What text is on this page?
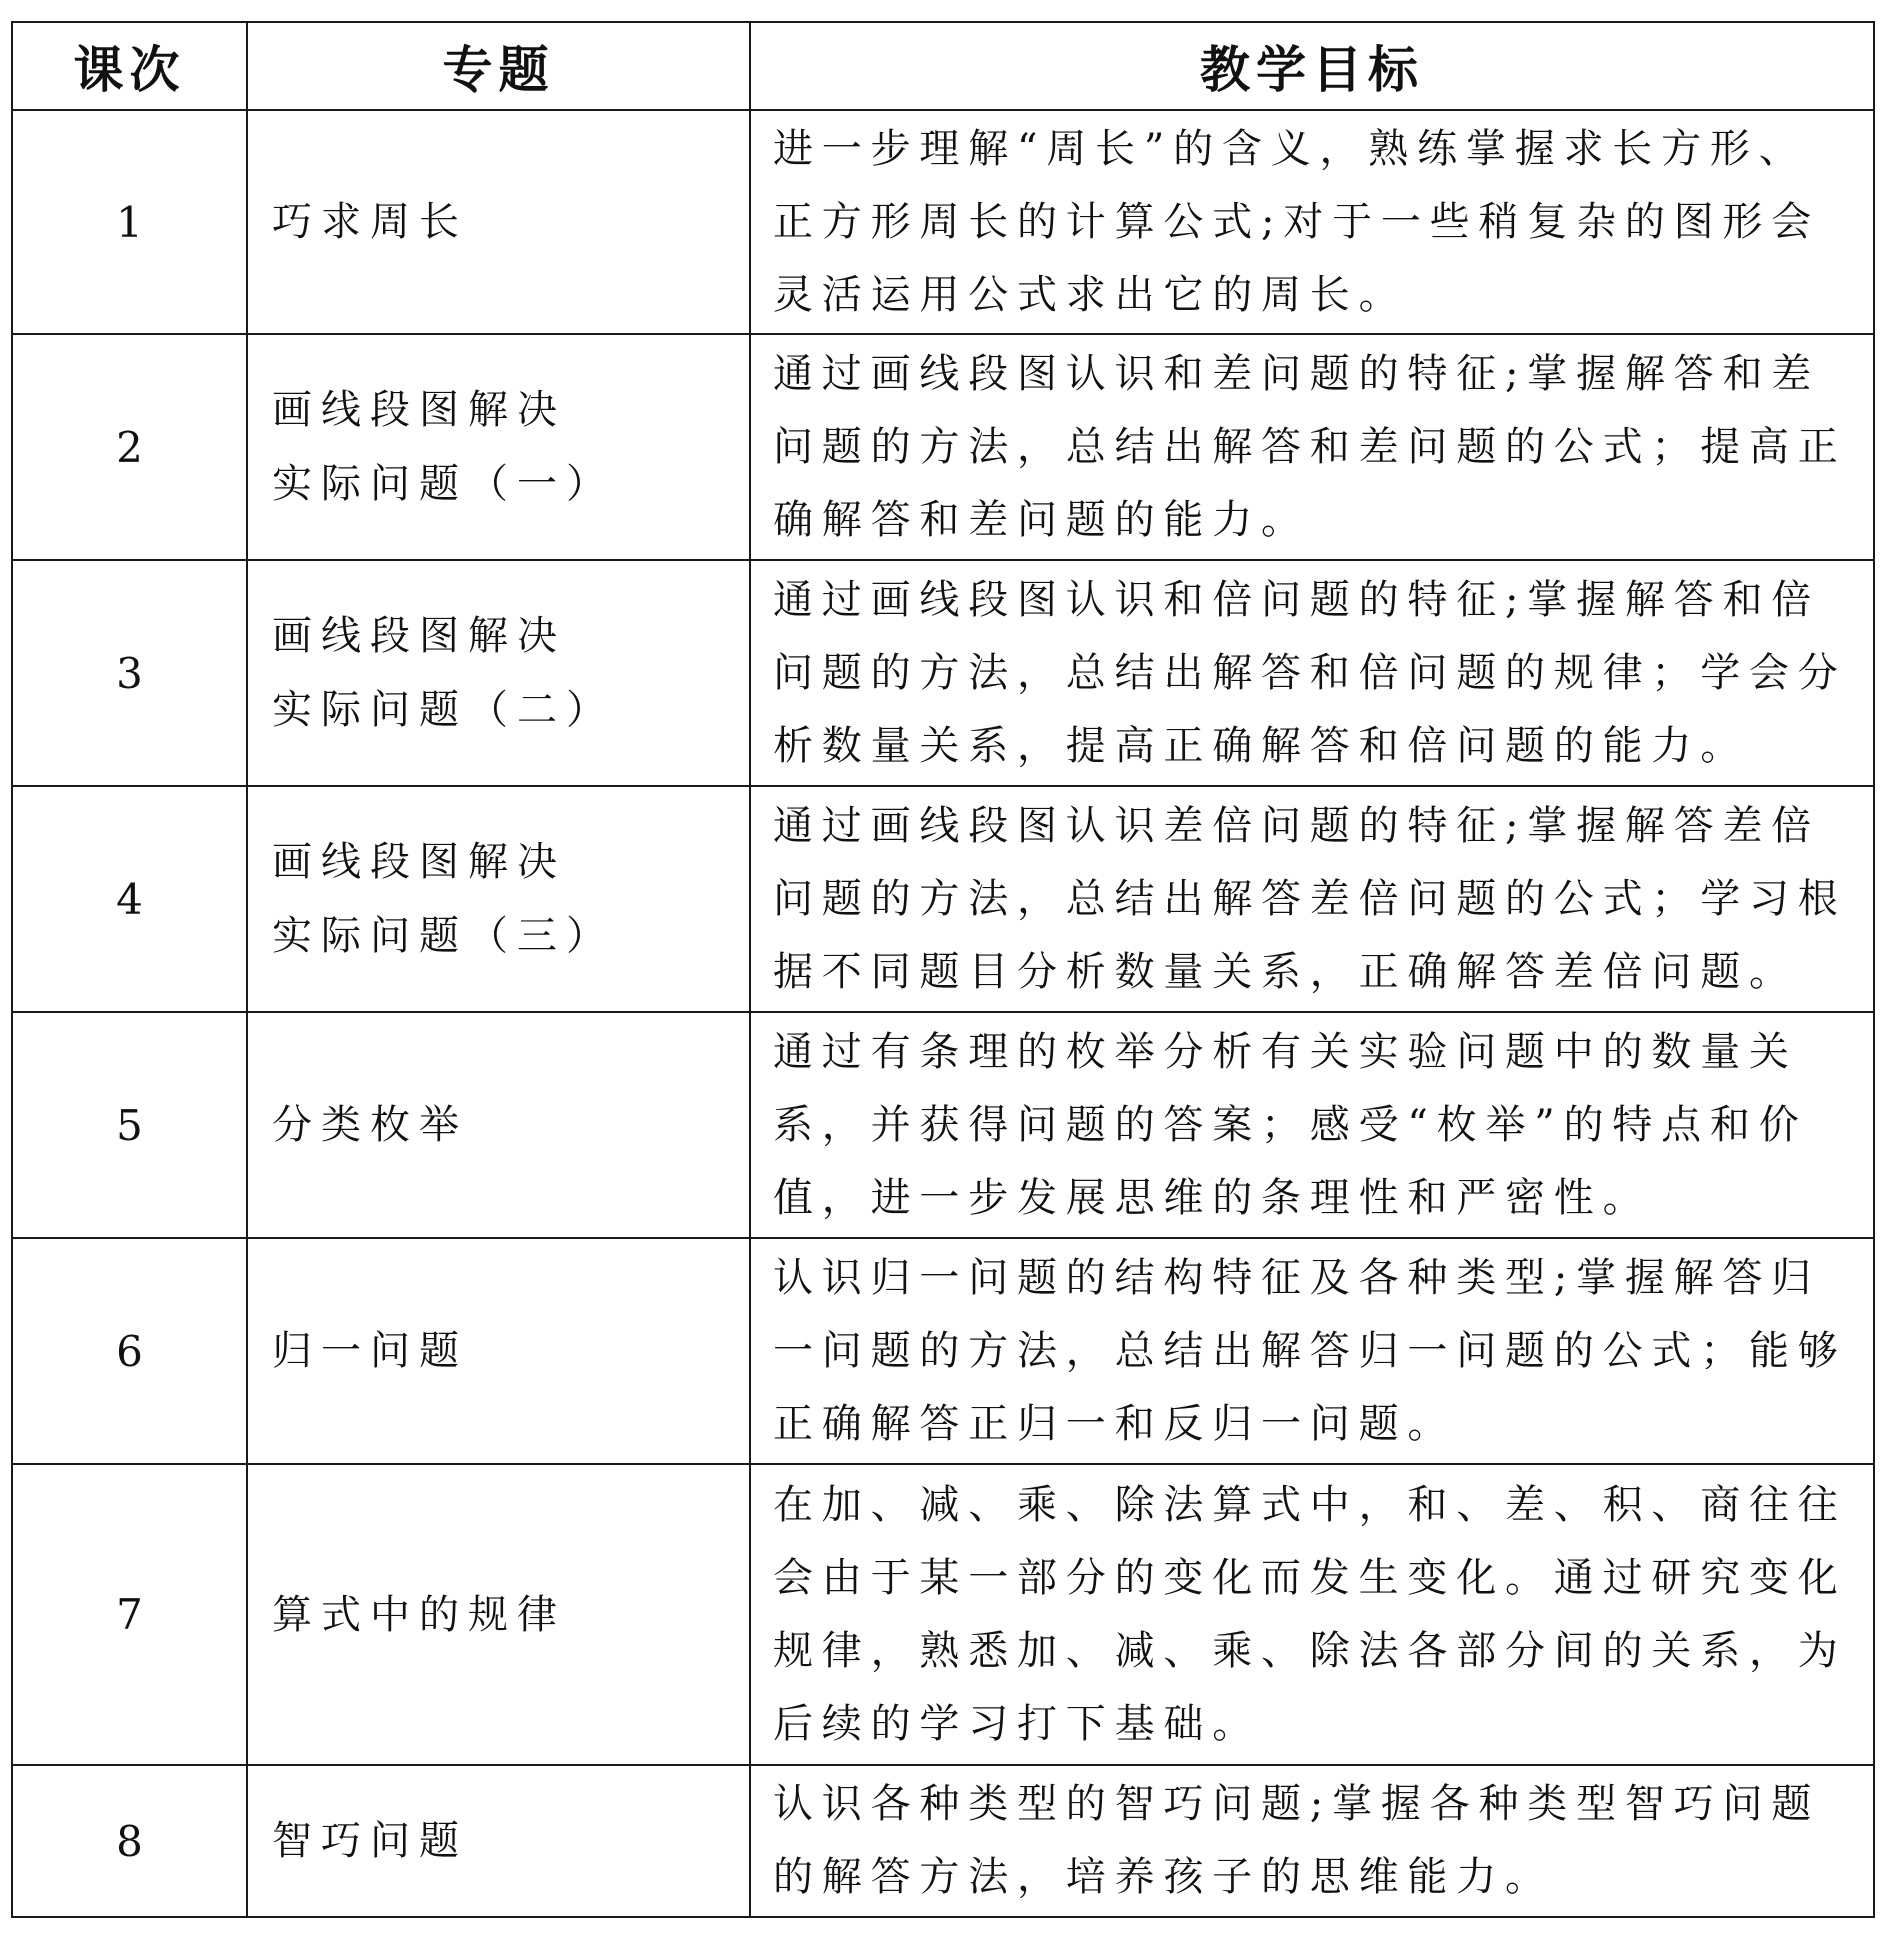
课次	专题	教学目标
1	巧求周长	进一步理解“周长”的含义，熟练掌握求长方形、
正方形周长的计算公式;对于一些稍复杂的图形会
灵活运用公式求出它的周长。

2	画线段图解决
实际问题（一）	通过画线段图认识和差问题的特征;掌握解答和差
问题的方法，总结出解答和差问题的公式；提高正
确解答和差问题的能力。

3	画线段图解决
实际问题（二）	通过画线段图认识和倍问题的特征;掌握解答和倍
问题的方法，总结出解答和倍问题的规律；学会分
析数量关系，提高正确解答和倍问题的能力。

4	画线段图解决
实际问题（三）	通过画线段图认识差倍问题的特征;掌握解答差倍
问题的方法，总结出解答差倍问题的公式；学习根
据不同题目分析数量关系，正确解答差倍问题。

5	分类枚举	通过有条理的枚举分析有关实验问题中的数量关
系，并获得问题的答案；感受“枚举”的特点和价
值，进一步发展思维的条理性和严密性。

6	归一问题	认识归一问题的结构特征及各种类型;掌握解答归
一问题的方法，总结出解答归一问题的公式；能够
正确解答正归一和反归一问题。

7	算式中的规律	在加、减、乘、除法算式中，和、差、积、商往往
会由于某一部分的变化而发生变化。通过研究变化
规律，熟悉加、减、乘、除法各部分间的关系，为
后续的学习打下基础。

8	智巧问题	认识各种类型的智巧问题;掌握各种类型智巧问题
的解答方法，培养孩子的思维能力。
